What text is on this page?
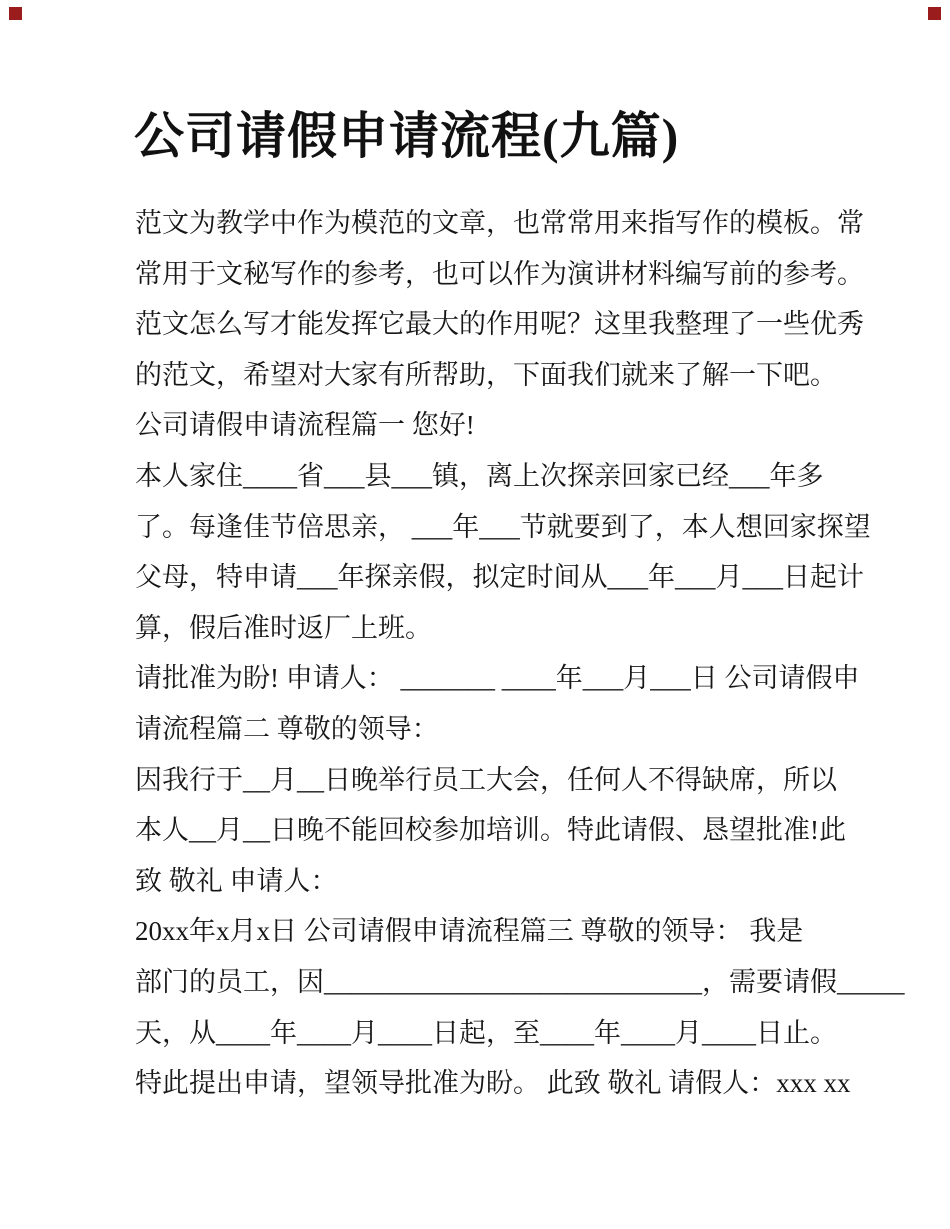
公司请假申请流程(九篇)
范文为教学中作为模范的文章，也常常用来指写作的模板。常
常用于文秘写作的参考，也可以作为演讲材料编写前的参考。
范文怎么写才能发挥它最大的作用呢？这里我整理了一些优秀
的范文，希望对大家有所帮助，下面我们就来了解一下吧。
公司请假申请流程篇一 您好!
本人家住____省___县___镇，离上次探亲回家已经___年多
了。每逢佳节倍思亲， ___年___节就要到了，本人想回家探望
父母，特申请___年探亲假，拟定时间从___年___月___日起计
算，假后准时返厂上班。
请批准为盼! 申请人： _______ ____年___月___日 公司请假申
请流程篇二 尊敬的领导：
因我行于__月__日晚举行员工大会，任何人不得缺席，所以
本人__月__日晚不能回校参加培训。特此请假、恳望批准!此
致 敬礼 申请人：
20xx年x月x日 公司请假申请流程篇三 尊敬的领导： 我是
部门的员工，因____________________________，需要请假_____
天，从____年____月____日起，至____年____月____日止。
特此提出申请，望领导批准为盼。 此致 敬礼 请假人：xxx xx
